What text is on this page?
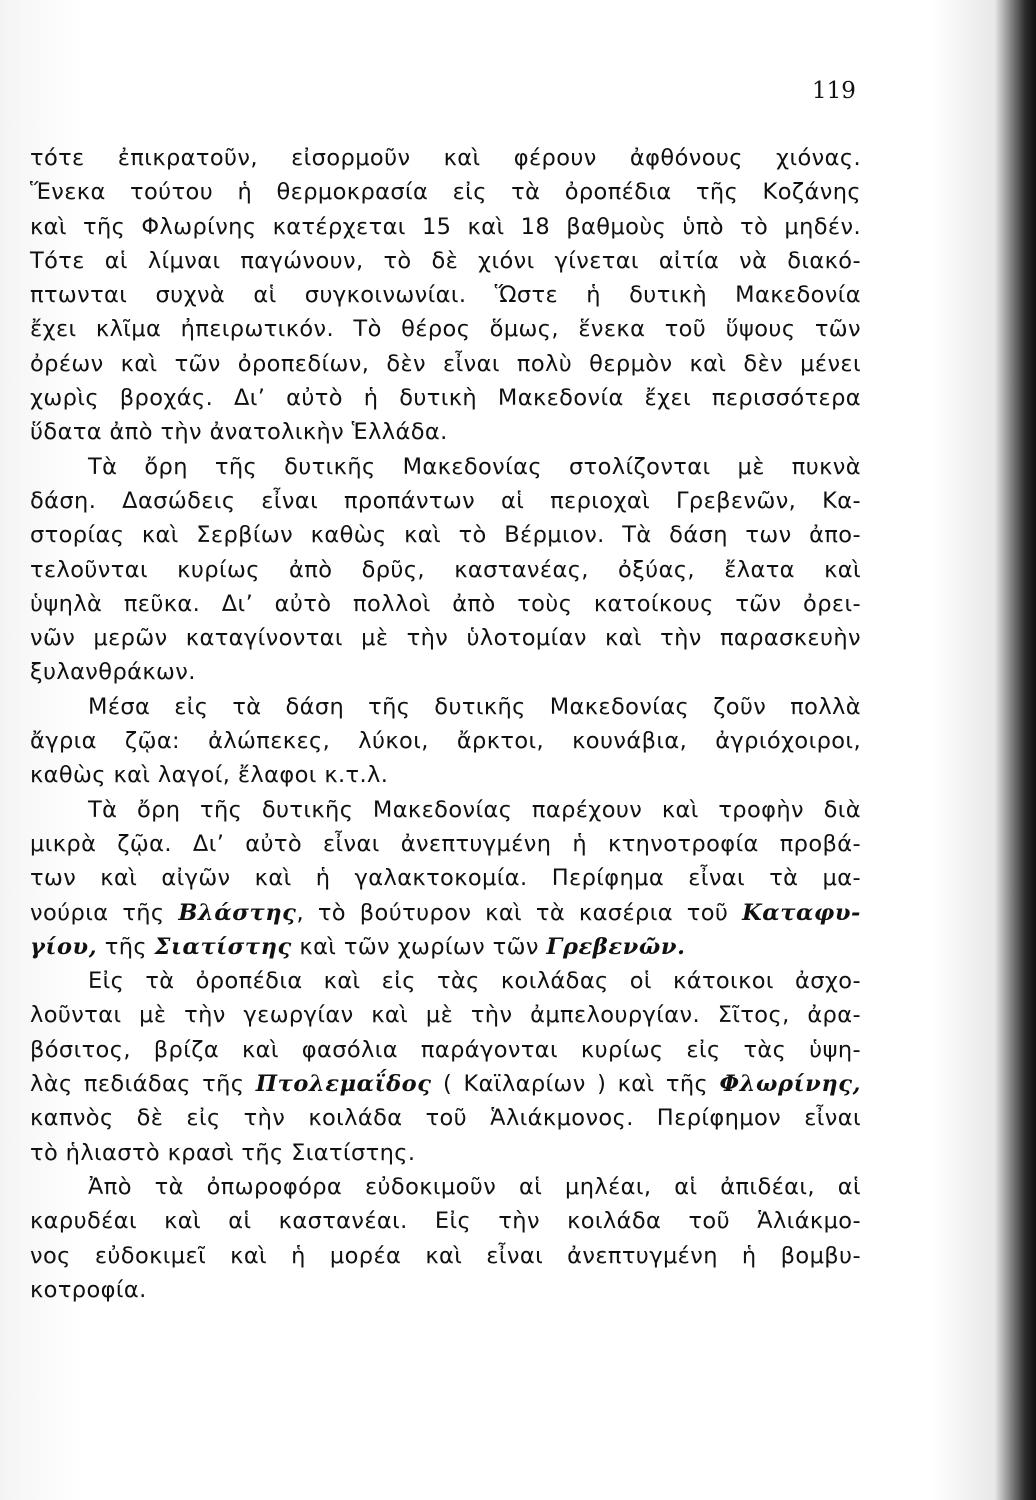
119
τότε ἐπικρατοῦν, εἰσορμοῦν καὶ φέρουν ἀφθόνους χιόνας.
Ἕνεκα τούτου ἡ θερμοκρασία εἰς τὰ ὀροπέδια τῆς Κοζάνης
καὶ τῆς Φλωρίνης κατέρχεται 15 καὶ 18 βαθμοὺς ὑπὸ τὸ μηδέν.
Τότε αἱ λίμναι παγώνουν, τὸ δὲ χιόνι γίνεται αἰτία νὰ διακό-
πτωνται συχνὰ αἱ συγκοινωνίαι. Ὥστε ἡ δυτικὴ Μακεδονία
ἔχει κλῖμα ἠπειρωτικόν. Τὸ θέρος ὅμως, ἕνεκα τοῦ ὕψους τῶν
ὀρέων καὶ τῶν ὀροπεδίων, δὲν εἶναι πολὺ θερμὸν καὶ δὲν μένει
χωρὶς βροχάς. Δι’ αὐτὸ ἡ δυτικὴ Μακεδονία ἔχει περισσότερα
ὕδατα ἀπὸ τὴν ἀνατολικὴν Ἑλλάδα.
Τὰ ὄρη τῆς δυτικῆς Μακεδονίας στολίζονται μὲ πυκνὰ
δάση. Δασώδεις εἶναι προπάντων αἱ περιοχαὶ Γρεβενῶν, Κα-
στορίας καὶ Σερβίων καθὼς καὶ τὸ Βέρμιον. Τὰ δάση των ἀπο-
τελοῦνται κυρίως ἀπὸ δρῦς, καστανέας, ὀξύας, ἔλατα καὶ
ὑψηλὰ πεῦκα. Δι’ αὐτὸ πολλοὶ ἀπὸ τοὺς κατοίκους τῶν ὀρει-
νῶν μερῶν καταγίνονται μὲ τὴν ὑλοτομίαν καὶ τὴν παρασκευὴν
ξυλανθράκων.
Μέσα εἰς τὰ δάση τῆς δυτικῆς Μακεδονίας ζοῦν πολλὰ
ἄγρια ζῷα: ἀλώπεκες, λύκοι, ἄρκτοι, κουνάβια, ἀγριόχοιροι,
καθὼς καὶ λαγοί, ἔλαφοι κ.τ.λ.
Τὰ ὄρη τῆς δυτικῆς Μακεδονίας παρέχουν καὶ τροφὴν διὰ
μικρὰ ζῷα. Δι’ αὐτὸ εἶναι ἀνεπτυγμένη ἡ κτηνοτροφία προβά-
των καὶ αἰγῶν καὶ ἡ γαλακτοκομία. Περίφημα εἶναι τὰ μα-
νούρια τῆς Βλάστης, τὸ βούτυρον καὶ τὰ κασέρια τοῦ Καταφυ-
γίου, τῆς Σιατίστης καὶ τῶν χωρίων τῶν Γρεβενῶν.
Εἰς τὰ ὀροπέδια καὶ εἰς τὰς κοιλάδας οἱ κάτοικοι ἀσχο-
λοῦνται μὲ τὴν γεωργίαν καὶ μὲ τὴν ἀμπελουργίαν. Σῖτος, ἀρα-
βόσιτος, βρίζα καὶ φασόλια παράγονται κυρίως εἰς τὰς ὑψη-
λὰς πεδιάδας τῆς Πτολεμαΐδος ( Καϊλαρίων ) καὶ τῆς Φλωρίνης,
καπνὸς δὲ εἰς τὴν κοιλάδα τοῦ Ἁλιάκμονος. Περίφημον εἶναι
τὸ ἡλιαστὸ κρασὶ τῆς Σιατίστης.
Ἀπὸ τὰ ὀπωροφόρα εὐδοκιμοῦν αἱ μηλέαι, αἱ ἀπιδέαι, αἱ
καρυδέαι καὶ αἱ καστανέαι. Εἰς τὴν κοιλάδα τοῦ Ἁλιάκμο-
νος εὐδοκιμεῖ καὶ ἡ μορέα καὶ εἶναι ἀνεπτυγμένη ἡ βομβυ-
κοτροφία.
